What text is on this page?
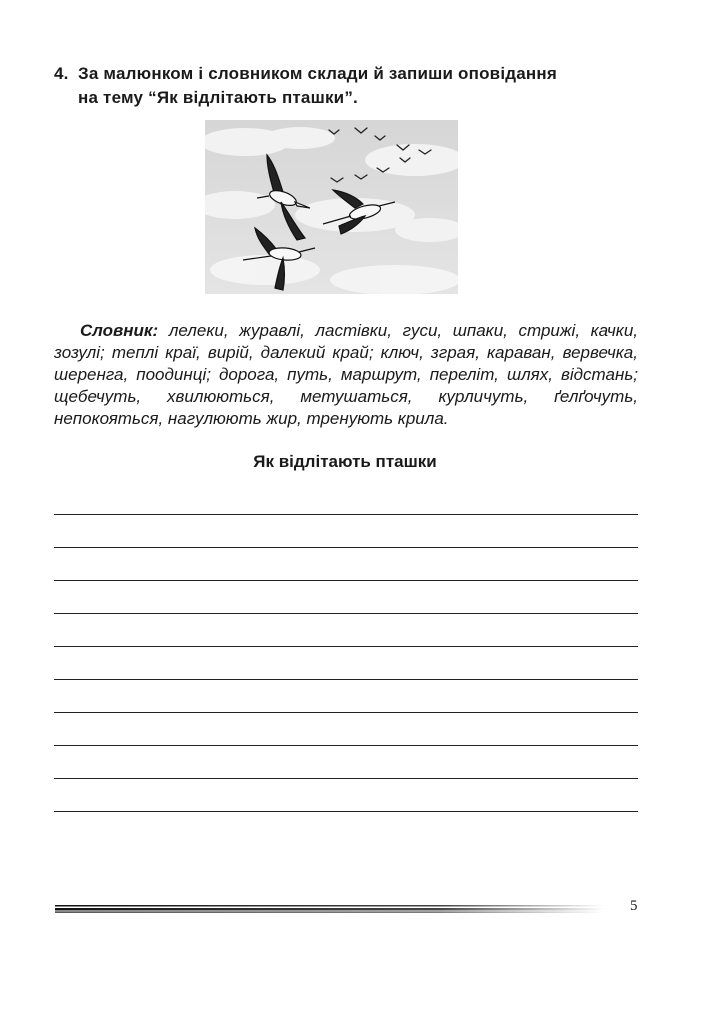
4. За малюнком і словником склади й запиши оповідання
на тему “Як відлітають пташки”.
Словник: лелеки, журавлі, ластівки, гуси, шпаки, стрижі, качки, зозулі; теплі краї, вирій, далекий край; ключ, зграя, караван, вервечка, шеренга, поодинці; дорога, путь, маршрут, переліт, шлях, відстань; щебечуть, хвилюються, метушаться, курличуть, ґелґочуть, непокояться, нагулюють жир, тренують крила.
Як відлітають пташки
5
